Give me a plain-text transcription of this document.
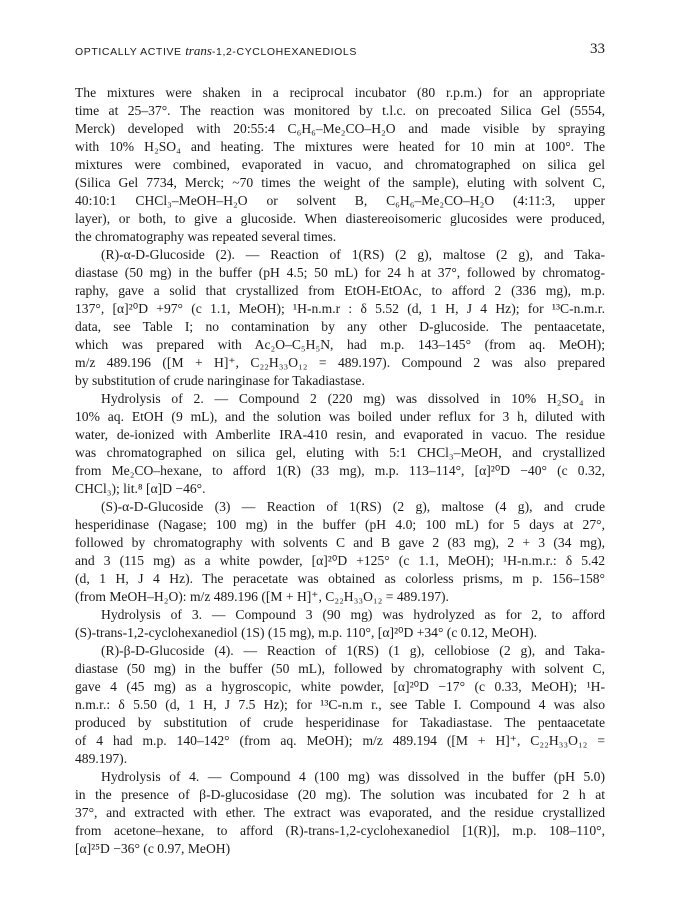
OPTICALLY ACTIVE trans-1,2-CYCLOHEXANEDIOLS	33
The mixtures were shaken in a reciprocal incubator (80 r.p.m.) for an appropriate
time at 25–37°. The reaction was monitored by t.l.c. on precoated Silica Gel (5554,
Merck) developed with 20:55:4 C₆H₆–Me₂CO–H₂O and made visible by spraying
with 10% H₂SO₄ and heating. The mixtures were heated for 10 min at 100°. The
mixtures were combined, evaporated in vacuo, and chromatographed on silica gel
(Silica Gel 7734, Merck; ~70 times the weight of the sample), eluting with solvent C,
40:10:1 CHCl₃–MeOH–H₂O or solvent B, C₆H₆–Me₂CO–H₂O (4:11:3, upper
layer), or both, to give a glucoside. When diastereoisomeric glucosides were produced,
the chromatography was repeated several times.
(R)-α-D-Glucoside (2). — Reaction of 1(RS) (2 g), maltose (2 g), and Taka-
diastase (50 mg) in the buffer (pH 4.5; 50 mL) for 24 h at 37°, followed by chromatog-
raphy, gave a solid that crystallized from EtOH-EtOAc, to afford 2 (336 mg), m.p.
137°, [α]²⁰D +97° (c 1.1, MeOH); ¹H-n.m.r : δ 5.52 (d, 1 H, J 4 Hz); for ¹³C-n.m.r.
data, see Table I; no contamination by any other D-glucoside. The pentaacetate,
which was prepared with Ac₂O–C₅H₅N, had m.p. 143–145° (from aq. MeOH);
m/z 489.196 ([M + H]⁺, C₂₂H₃₃O₁₂ = 489.197). Compound 2 was also prepared
by substitution of crude naringinase for Takadiastase.
Hydrolysis of 2. — Compound 2 (220 mg) was dissolved in 10% H₂SO₄ in
10% aq. EtOH (9 mL), and the solution was boiled under reflux for 3 h, diluted with
water, de-ionized with Amberlite IRA-410 resin, and evaporated in vacuo. The residue
was chromatographed on silica gel, eluting with 5:1 CHCl₃–MeOH, and crystallized
from Me₂CO–hexane, to afford 1(R) (33 mg), m.p. 113–114°, [α]²⁰D −40° (c 0.32,
CHCl₃); lit.⁸ [α]D −46°.
(S)-α-D-Glucoside (3) — Reaction of 1(RS) (2 g), maltose (4 g), and crude
hesperidinase (Nagase; 100 mg) in the buffer (pH 4.0; 100 mL) for 5 days at 27°,
followed by chromatography with solvents C and B gave 2 (83 mg), 2 + 3 (34 mg),
and 3 (115 mg) as a white powder, [α]²⁰D +125° (c 1.1, MeOH); ¹H-n.m.r.: δ 5.42
(d, 1 H, J 4 Hz). The peracetate was obtained as colorless prisms, m p. 156–158°
(from MeOH–H₂O): m/z 489.196 ([M + H]⁺, C₂₂H₃₃O₁₂ = 489.197).
Hydrolysis of 3. — Compound 3 (90 mg) was hydrolyzed as for 2, to afford
(S)-trans-1,2-cyclohexanediol (1S) (15 mg), m.p. 110°, [α]²⁰D +34° (c 0.12, MeOH).
(R)-β-D-Glucoside (4). — Reaction of 1(RS) (1 g), cellobiose (2 g), and Taka-
diastase (50 mg) in the buffer (50 mL), followed by chromatography with solvent C,
gave 4 (45 mg) as a hygroscopic, white powder, [α]²⁰D −17° (c 0.33, MeOH); ¹H-
n.m.r.: δ 5.50 (d, 1 H, J 7.5 Hz); for ¹³C-n.m r., see Table I. Compound 4 was also
produced by substitution of crude hesperidinase for Takadiastase. The pentaacetate
of 4 had m.p. 140–142° (from aq. MeOH); m/z 489.194 ([M + H]⁺, C₂₂H₃₃O₁₂ =
489.197).
Hydrolysis of 4. — Compound 4 (100 mg) was dissolved in the buffer (pH 5.0)
in the presence of β-D-glucosidase (20 mg). The solution was incubated for 2 h at
37°, and extracted with ether. The extract was evaporated, and the residue crystallized
from acetone–hexane, to afford (R)-trans-1,2-cyclohexanediol [1(R)], m.p. 108–110°,
[α]²⁵D −36° (c 0.97, MeOH)
